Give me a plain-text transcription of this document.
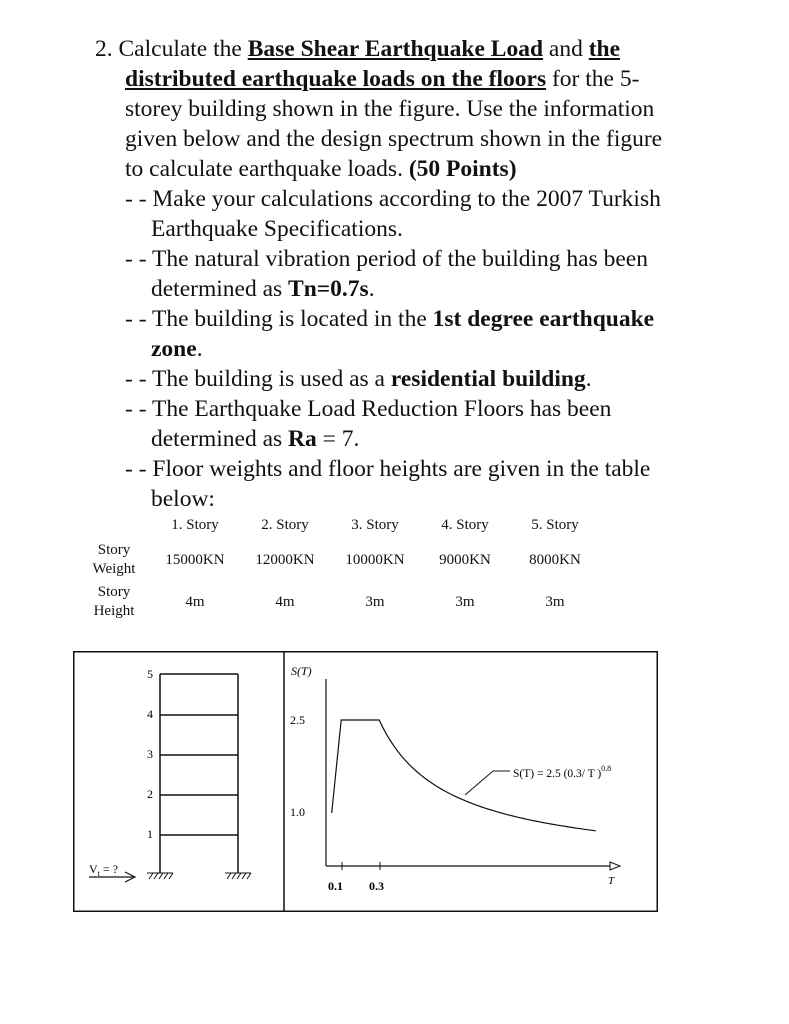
2. Calculate the Base Shear Earthquake Load and the
distributed earthquake loads on the floors for the 5-
storey building shown in the figure. Use the information
given below and the design spectrum shown in the figure
to calculate earthquake loads. (50 Points)
- - Make your calculations according to the 2007 Turkish
Earthquake Specifications.
- - The natural vibration period of the building has been
determined as Tn=0.7s.
- - The building is located in the 1st degree earthquake
zone.
- - The building is used as a residential building.
- - The Earthquake Load Reduction Floors has been
determined as Ra = 7.
- - Floor weights and floor heights are given in the table
below:
	1. Story	2. Story	3. Story	4. Story	5. Story

Story
Weight	15000KN	12000KN	10000KN	9000KN	8000KN

Story
Height	4m	4m	3m	3m	3m
5
4
3
2
1
$V_t$ = ?
S(T)
2.5
1.0
0.1 0.3	T
S(T) = 2.5 (0.3/ T )$^{0.8}$
